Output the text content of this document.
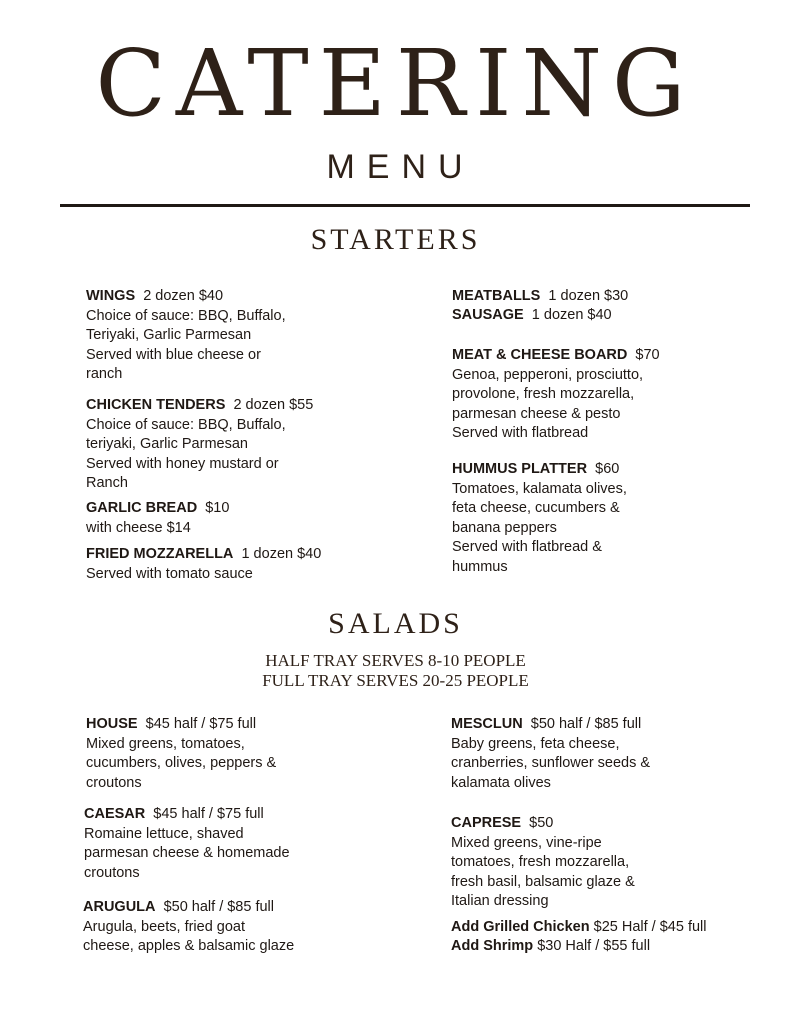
CATERING
MENU
STARTERS
WINGS 2 dozen $40
Choice of sauce: BBQ, Buffalo,
Teriyaki, Garlic Parmesan
Served with blue cheese or
ranch
CHICKEN TENDERS 2 dozen $55
Choice of sauce: BBQ, Buffalo,
teriyaki, Garlic Parmesan
Served with honey mustard or
Ranch
GARLIC BREAD $10
with cheese $14
FRIED MOZZARELLA 1 dozen $40
Served with tomato sauce
MEATBALLS 1 dozen $30
SAUSAGE 1 dozen $40
MEAT & CHEESE BOARD $70
Genoa, pepperoni, prosciutto,
provolone, fresh mozzarella,
parmesan cheese & pesto
Served with flatbread
HUMMUS PLATTER $60
Tomatoes, kalamata olives,
feta cheese, cucumbers &
banana peppers
Served with flatbread &
hummus
SALADS
HALF TRAY SERVES 8-10 PEOPLE
FULL TRAY SERVES 20-25 PEOPLE
HOUSE $45 half / $75 full
Mixed greens, tomatoes,
cucumbers, olives, peppers &
croutons
CAESAR $45 half / $75 full
Romaine lettuce, shaved
parmesan cheese & homemade
croutons
ARUGULA $50 half / $85 full
Arugula, beets, fried goat
cheese, apples & balsamic glaze
MESCLUN $50 half / $85 full
Baby greens, feta cheese,
cranberries, sunflower seeds &
kalamata olives
CAPRESE $50
Mixed greens, vine-ripe
tomatoes, fresh mozzarella,
fresh basil, balsamic glaze &
Italian dressing
Add Grilled Chicken $25 Half / $45 full
Add Shrimp $30 Half / $55 full
